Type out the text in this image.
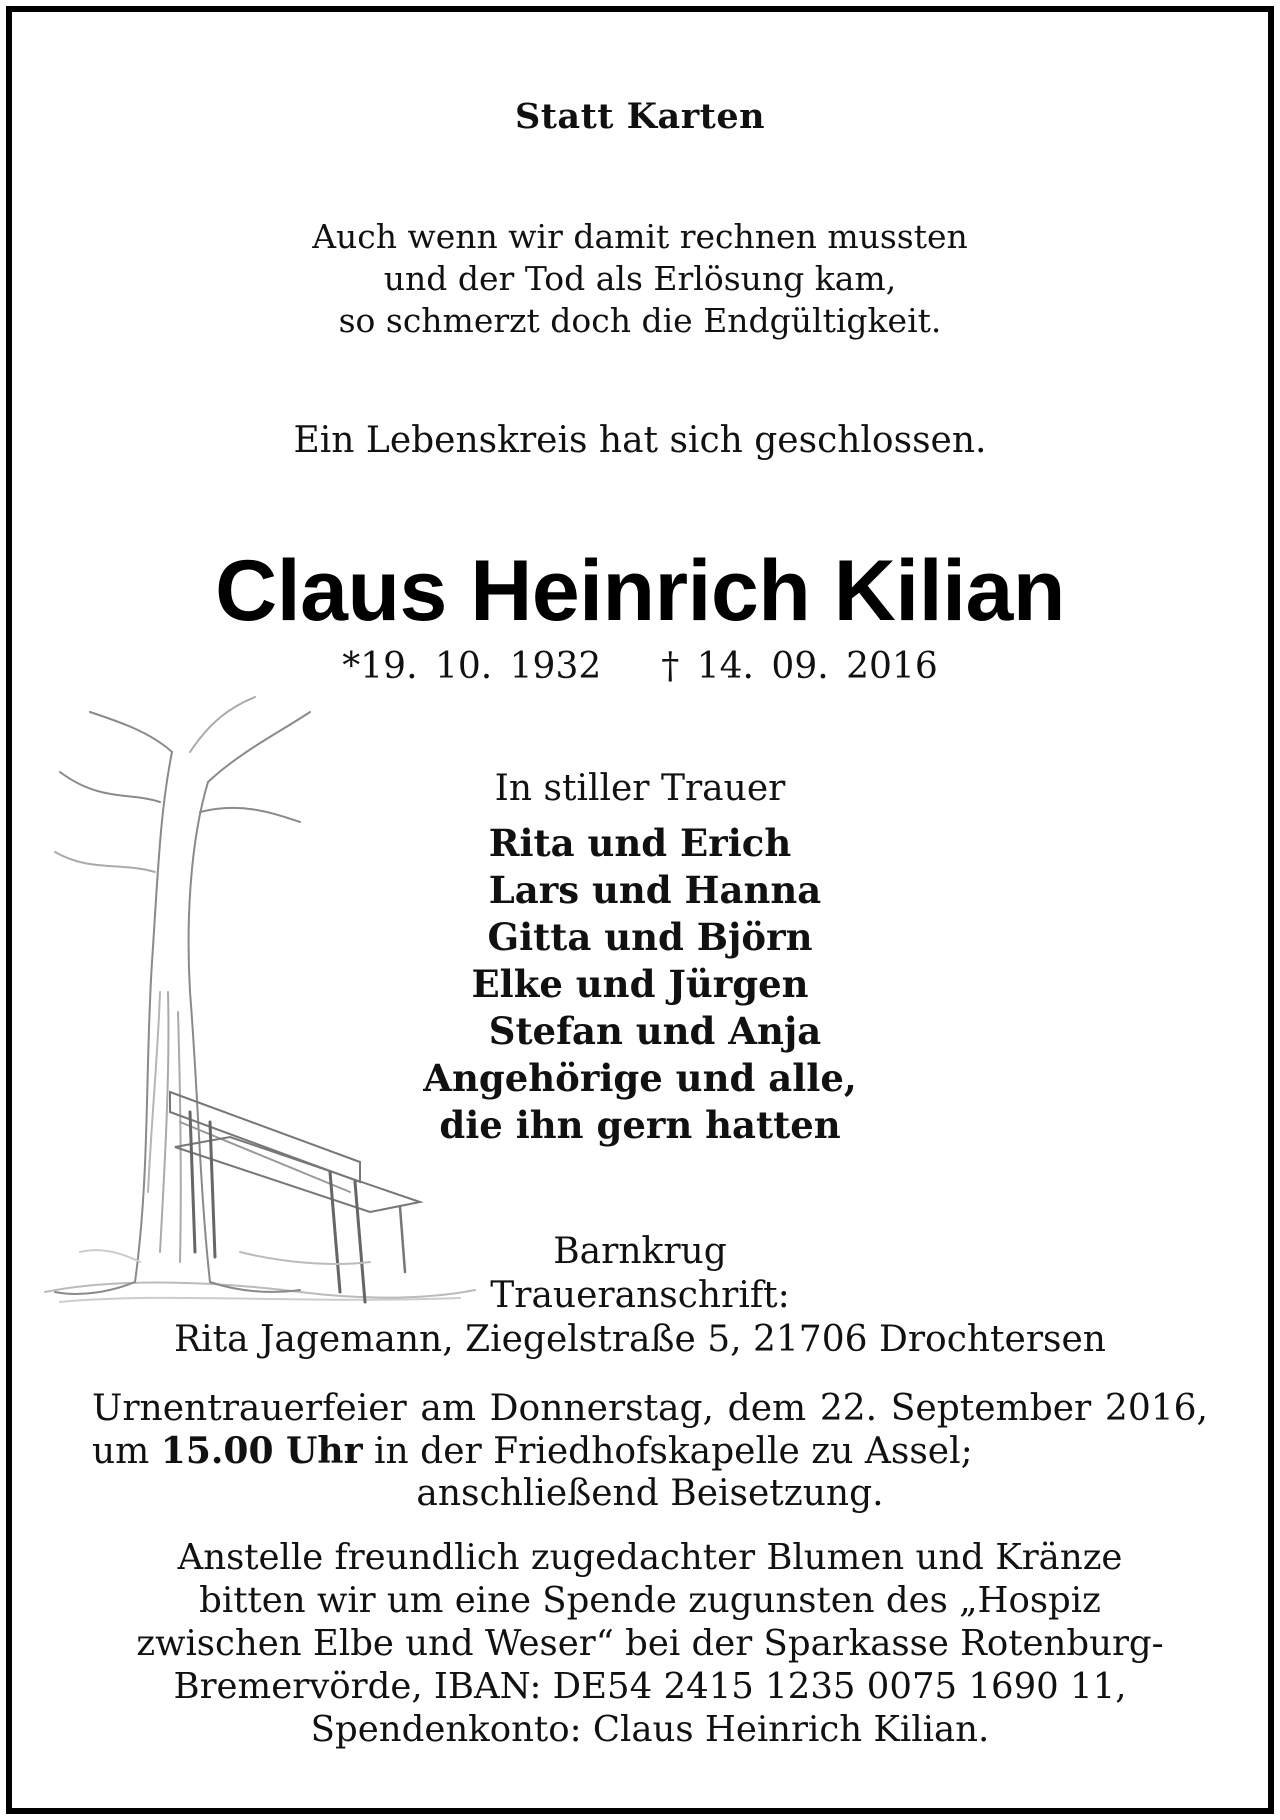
Statt Karten
Auch wenn wir damit rechnen mussten
und der Tod als Erlösung kam,
so schmerzt doch die Endgültigkeit.
Ein Lebenskreis hat sich geschlossen.
Claus Heinrich Kilian
*19. 10. 1932 † 14. 09. 2016
In stiller Trauer
Rita und Erich
Lars und Hanna
Gitta und Björn
Elke und Jürgen
Stefan und Anja
Angehörige und alle,
die ihn gern hatten
Barnkrug
Traueranschrift:
Rita Jagemann, Ziegelstraße 5, 21706 Drochtersen
Urnentrauerfeier am Donnerstag, dem 22. September 2016, um 15.00 Uhr in der Friedhofskapelle zu Assel;
anschließend Beisetzung.
Anstelle freundlich zugedachter Blumen und Kränze
bitten wir um eine Spende zugunsten des „Hospiz
zwischen Elbe und Weser“ bei der Sparkasse Rotenburg-
Bremervörde, IBAN: DE54 2415 1235 0075 1690 11,
Spendenkonto: Claus Heinrich Kilian.
